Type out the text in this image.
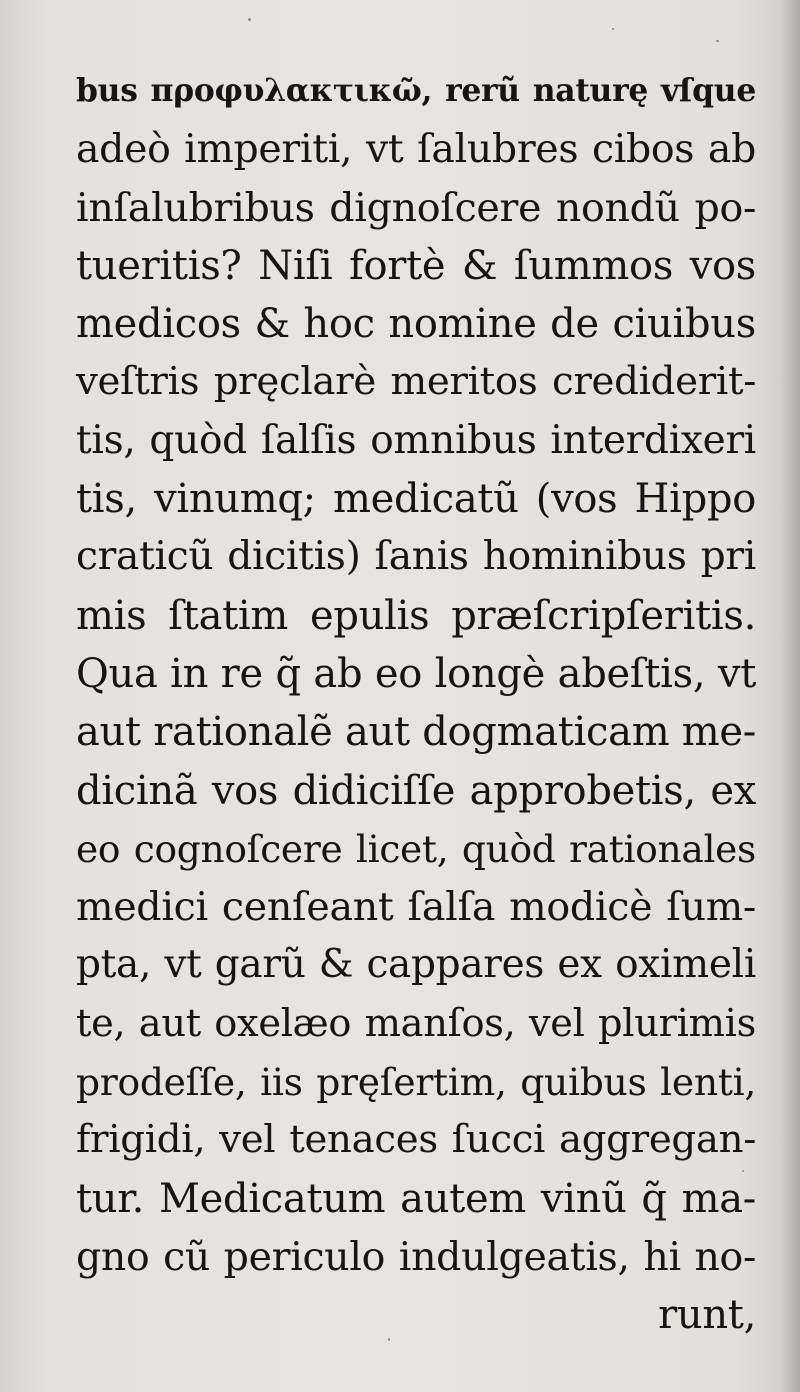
bus προφυλακτικῶ, rerũ naturę vſque
adeò imperiti, vt ſalubres cibos ab
inſalubribus dignoſcere nondũ po-
tueritis? Niſi fortè & ſummos vos
medicos & hoc nomine de ciuibus
veſtris pręclarè meritos crediderit-
tis, quòd ſalſis omnibus interdixeri
tis, vinumq; medicatũ (vos Hippo
craticũ dicitis) ſanis hominibus pri
mis ſtatim epulis præſcripſeritis.
Qua in re q̃ ab eo longè abeſtis, vt
aut rationalẽ aut dogmaticam me-
dicinã vos didiciſſe approbetis, ex
eo cognoſcere licet, quòd rationales
medici cenſeant ſalſa modicè ſum-
pta, vt garũ & cappares ex oximeli
te, aut oxelæo manſos, vel plurimis
prodeſſe, iis pręſertim, quibus lenti,
frigidi, vel tenaces ſucci aggregan-
tur. Medicatum autem vinũ q̃ ma-
gno cũ periculo indulgeatis, hi no-
runt,
